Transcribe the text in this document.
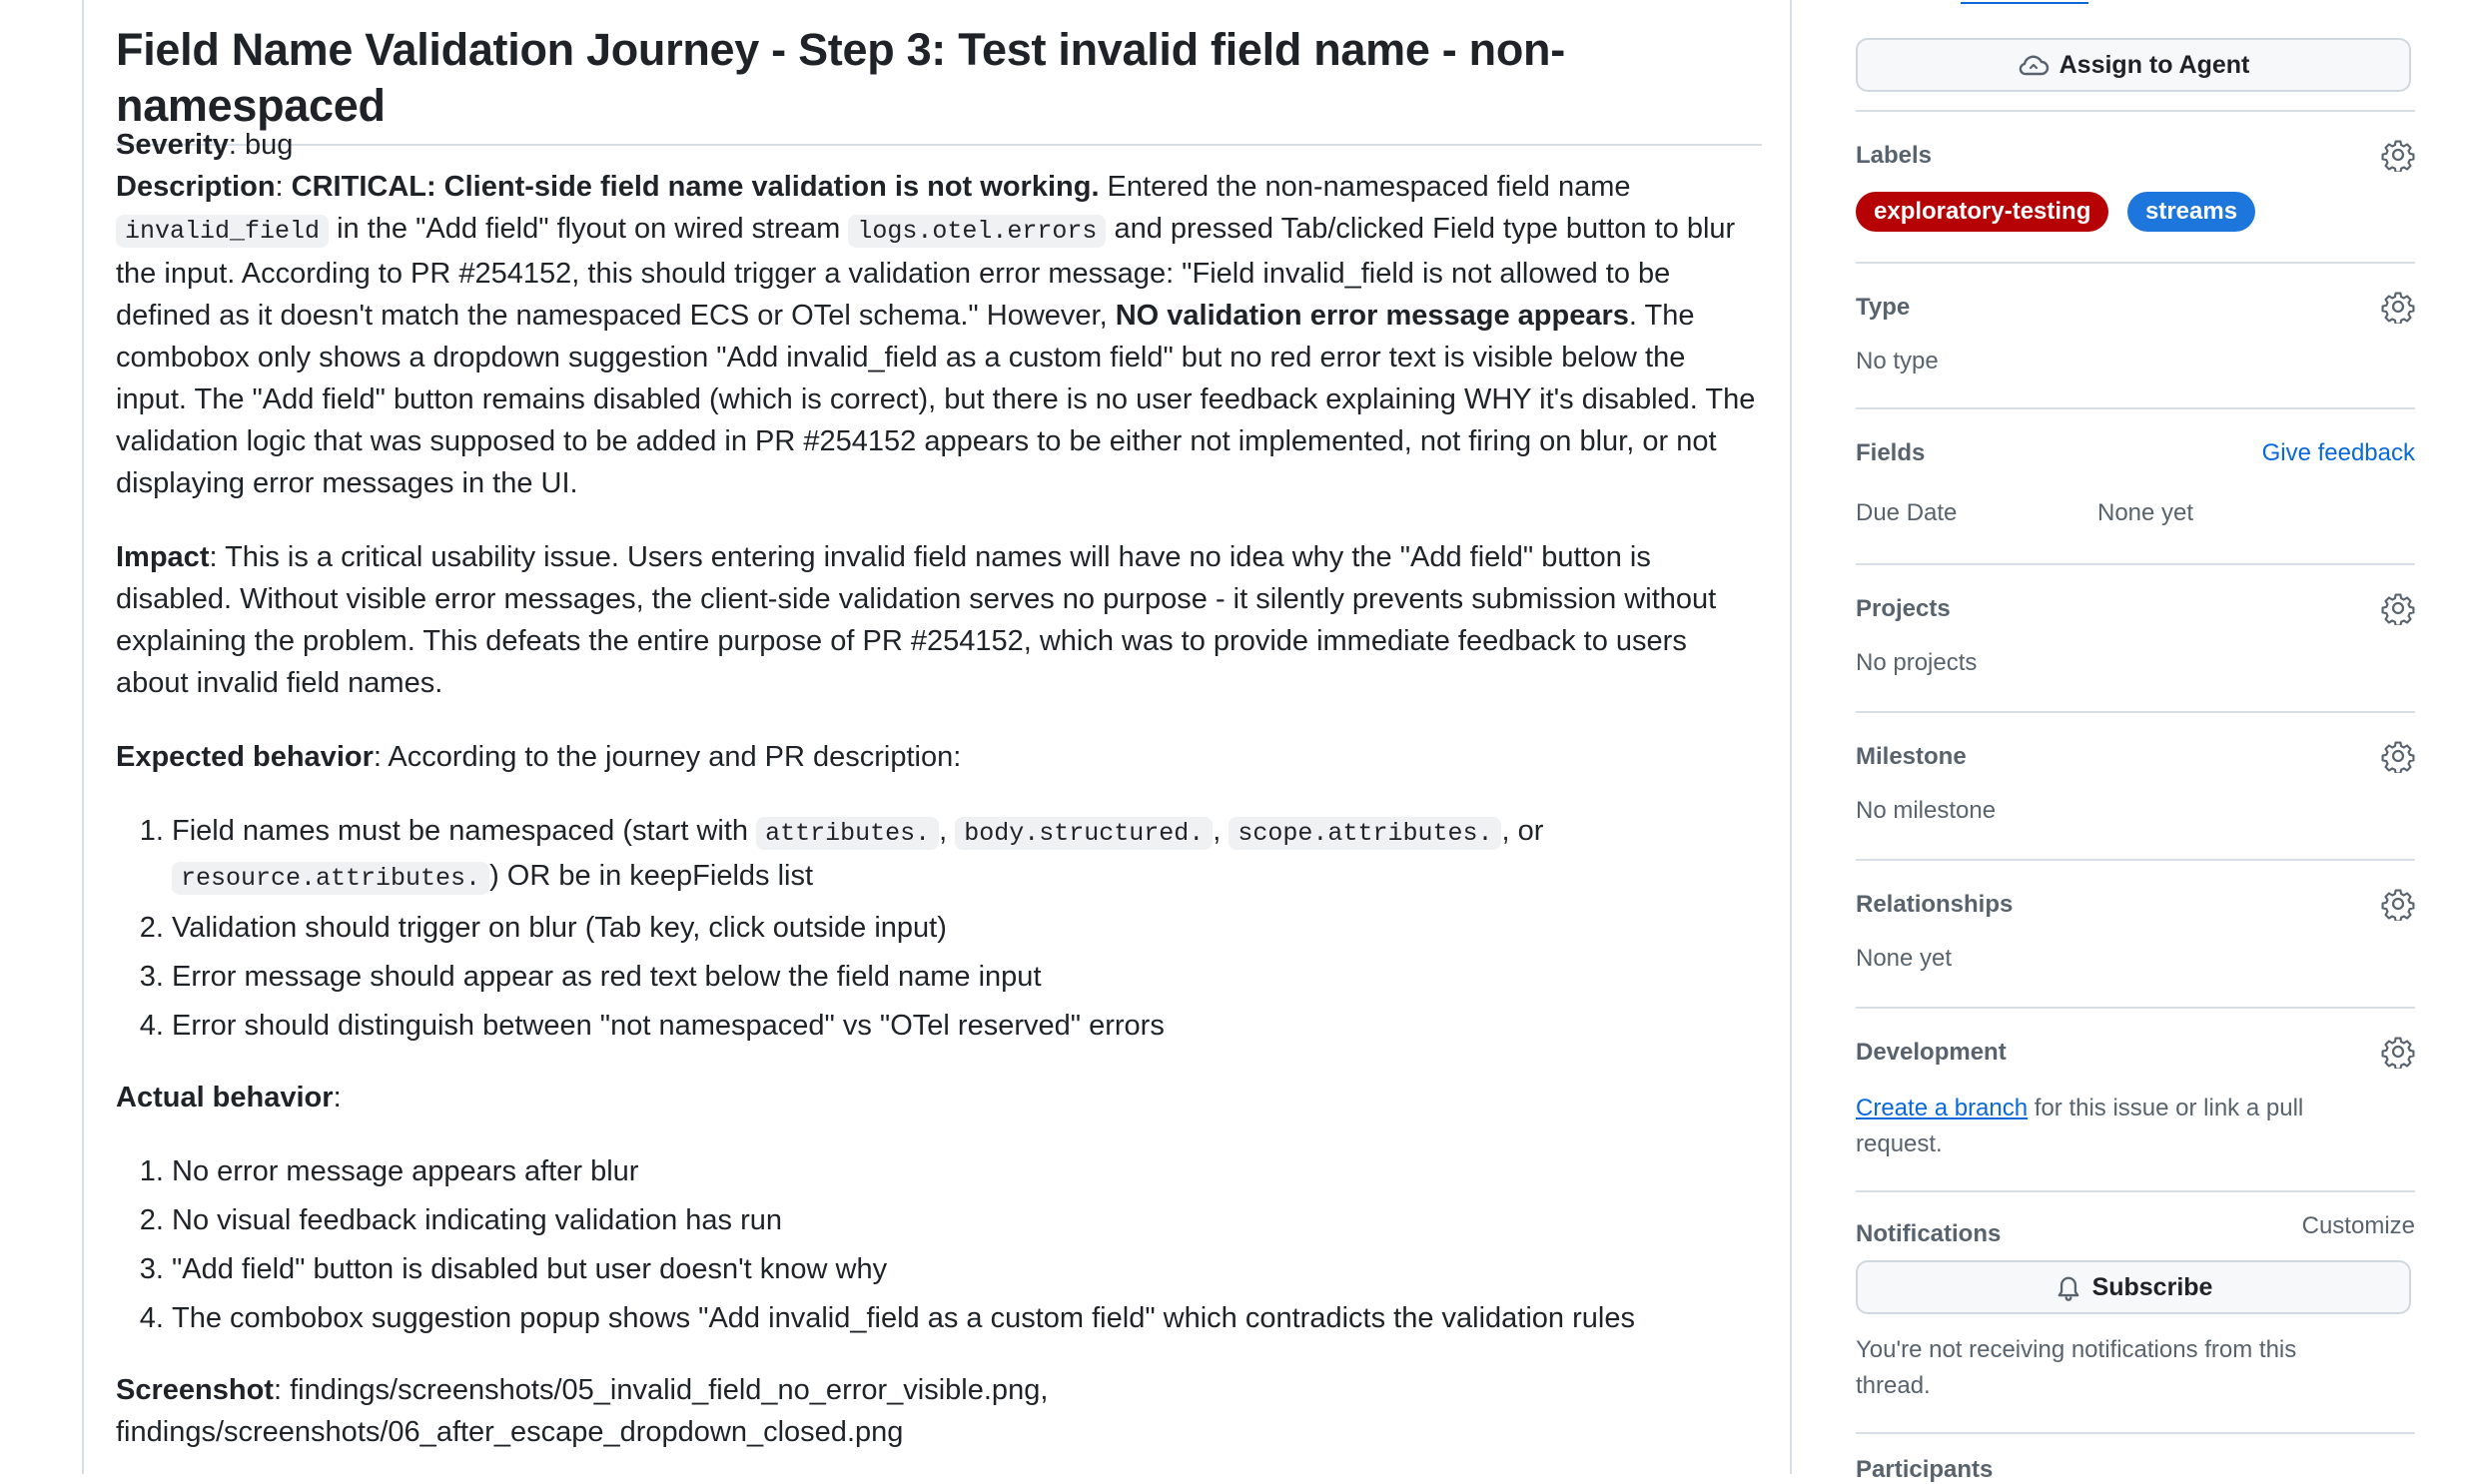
Field Name Validation Journey - Step 3: Test invalid field name - non-namespaced

Severity: bug

Description: CRITICAL: Client-side field name validation is not working. Entered the non-namespaced field name invalid_field in the "Add field" flyout on wired stream logs.otel.errors and pressed Tab/clicked Field type button to blur the input. According to PR #254152, this should trigger a validation error message: "Field invalid_field is not allowed to be defined as it doesn't match the namespaced ECS or OTel schema." However, NO validation error message appears. The combobox only shows a dropdown suggestion "Add invalid_field as a custom field" but no red error text is visible below the input. The "Add field" button remains disabled (which is correct), but there is no user feedback explaining WHY it's disabled. The validation logic that was supposed to be added in PR #254152 appears to be either not implemented, not firing on blur, or not displaying error messages in the UI.

Impact: This is a critical usability issue. Users entering invalid field names will have no idea why the "Add field" button is disabled. Without visible error messages, the client-side validation serves no purpose - it silently prevents submission without explaining the problem. This defeats the entire purpose of PR #254152, which was to provide immediate feedback to users about invalid field names.

Expected behavior: According to the journey and PR description:

1. Field names must be namespaced (start with attributes. , body.structured. , scope.attributes. , or resource.attributes. ) OR be in keepFields list
2. Validation should trigger on blur (Tab key, click outside input)
3. Error message should appear as red text below the field name input
4. Error should distinguish between "not namespaced" vs "OTel reserved" errors

Actual behavior:

1. No error message appears after blur
2. No visual feedback indicating validation has run
3. "Add field" button is disabled but user doesn't know why
4. The combobox suggestion popup shows "Add invalid_field as a custom field" which contradicts the validation rules

Screenshot: findings/screenshots/05_invalid_field_no_error_visible.png,
findings/screenshots/06_after_escape_dropdown_closed.png

Assign to Agent
Labels
exploratory-testing	streams
Type
No type
Fields	Give feedback
Due Date	None yet
Projects
No projects
Milestone
No milestone
Relationships
None yet
Development
Create a branch for this issue or link a pull request.
Notifications	Customize
Subscribe
You're not receiving notifications from this thread.
Participants
